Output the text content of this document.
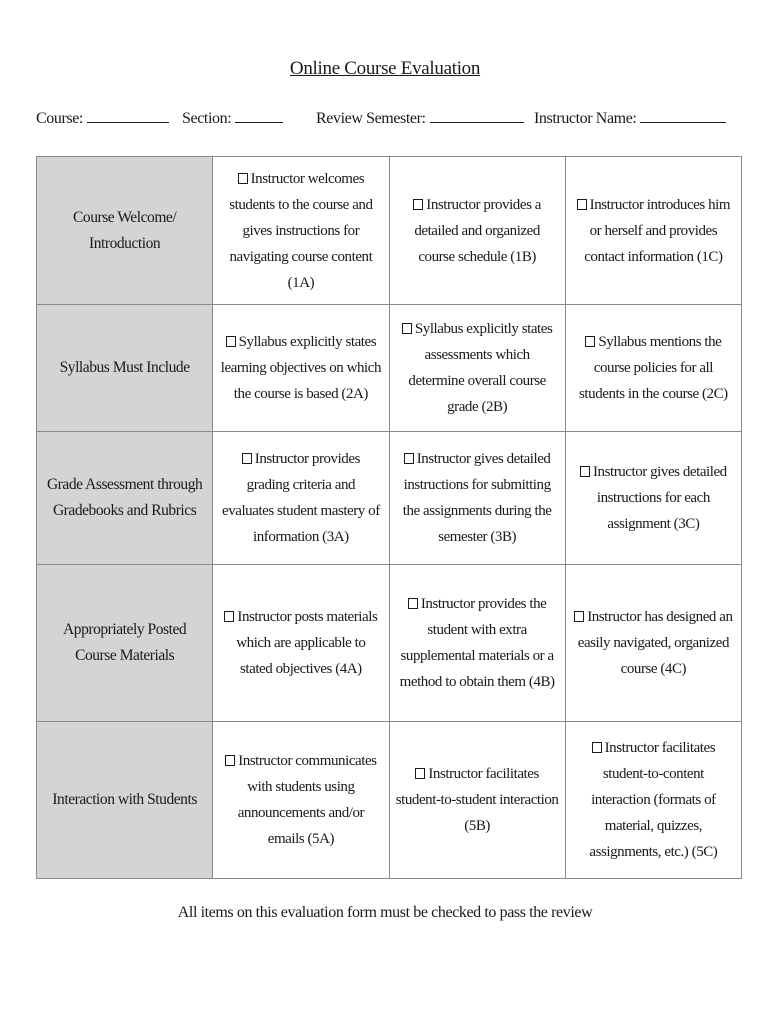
Online Course Evaluation
Course:	Section:	Review Semester:	Instructor Name:
Course Welcome/ Introduction	Instructor welcomes students to the course and gives instructions for navigating course content (1A)	Instructor provides a detailed and organized course schedule (1B)	Instructor introduces him or herself and provides contact information (1C)
Syllabus Must Include	Syllabus explicitly states learning objectives on which the course is based (2A)	Syllabus explicitly states assessments which determine overall course grade (2B)	Syllabus mentions the course policies for all students in the course (2C)
Grade Assessment through Gradebooks and Rubrics	Instructor provides grading criteria and evaluates student mastery of information (3A)	Instructor gives detailed instructions for submitting the assignments during the semester (3B)	Instructor gives detailed instructions for each assignment (3C)
Appropriately Posted Course Materials	Instructor posts materials which are applicable to stated objectives (4A)	Instructor provides the student with extra supplemental materials or a method to obtain them (4B)	Instructor has designed an easily navigated, organized course (4C)
Interaction with Students	Instructor communicates with students using announcements and/or emails (5A)	Instructor facilitates student-to-student interaction (5B)	Instructor facilitates student-to-content interaction (formats of material, quizzes, assignments, etc.) (5C)
All items on this evaluation form must be checked to pass the review
